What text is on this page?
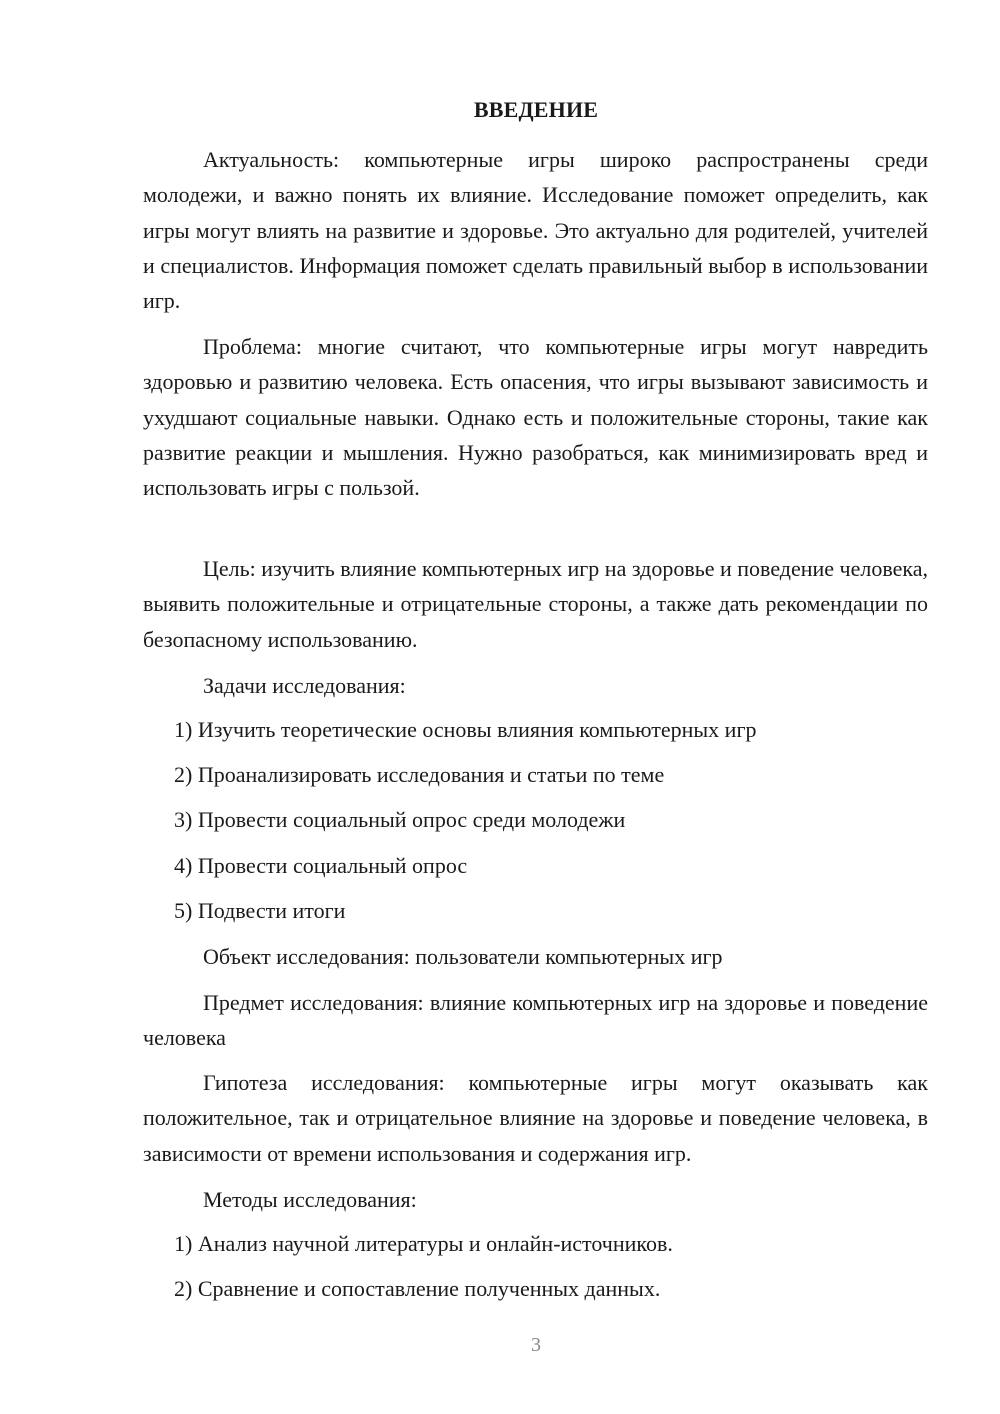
ВВЕДЕНИЕ

Актуальность: компьютерные игры широко распространены среди молодежи, и важно понять их влияние. Исследование поможет определить, как игры могут влиять на развитие и здоровье. Это актуально для родителей, учителей и специалистов. Информация поможет сделать правильный выбор в использовании игр.

Проблема: многие считают, что компьютерные игры могут навредить здоровью и развитию человека. Есть опасения, что игры вызывают зависимость и ухудшают социальные навыки. Однако есть и положительные стороны, такие как развитие реакции и мышления. Нужно разобраться, как минимизировать вред и использовать игры с пользой.

Цель: изучить влияние компьютерных игр на здоровье и поведение человека, выявить положительные и отрицательные стороны, а также дать рекомендации по безопасному использованию.

Задачи исследования:

1) Изучить теоретические основы влияния компьютерных игр

2) Проанализировать исследования и статьи по теме

3) Провести социальный опрос среди молодежи

4) Провести социальный опрос

5) Подвести итоги

Объект исследования: пользователи компьютерных игр

Предмет исследования: влияние компьютерных игр на здоровье и поведение человека

Гипотеза исследования: компьютерные игры могут оказывать как положительное, так и отрицательное влияние на здоровье и поведение человека, в зависимости от времени использования и содержания игр.

Методы исследования:

1) Анализ научной литературы и онлайн-источников.

2) Сравнение и сопоставление полученных данных.

3
